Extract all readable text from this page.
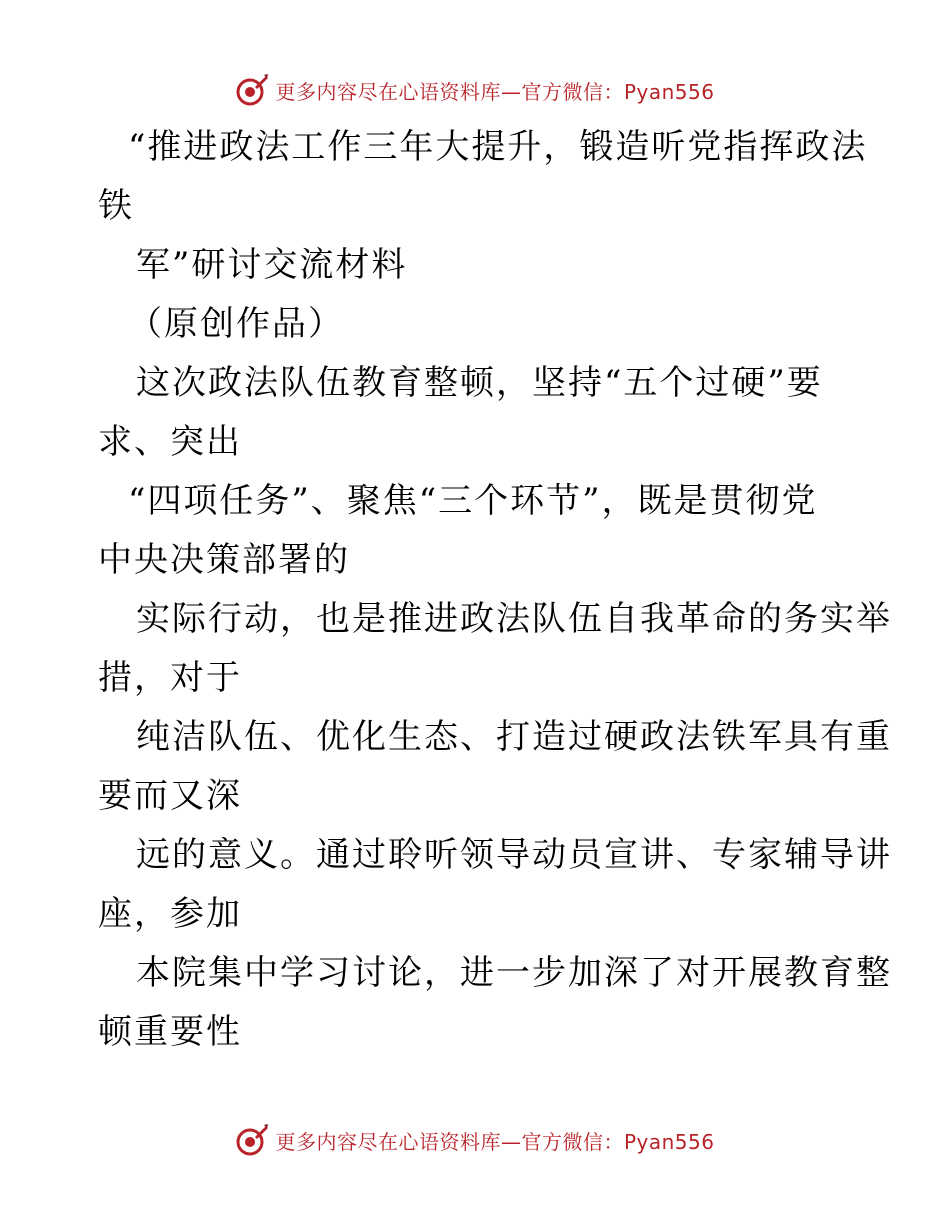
更多内容尽在心语资料库—官方微信：Pyan556
“推进政法工作三年大提升，锻造听党指挥政法
铁
军”研讨交流材料
（原创作品）
这次政法队伍教育整顿，坚持“五个过硬”要
求、突出
“四项任务”、聚焦“三个环节”，既是贯彻党
中央决策部署的
实际行动，也是推进政法队伍自我革命的务实举
措，对于
纯洁队伍、优化生态、打造过硬政法铁军具有重
要而又深
远的意义。通过聆听领导动员宣讲、专家辅导讲
座，参加
本院集中学习讨论，进一步加深了对开展教育整
顿重要性
更多内容尽在心语资料库—官方微信：Pyan556
